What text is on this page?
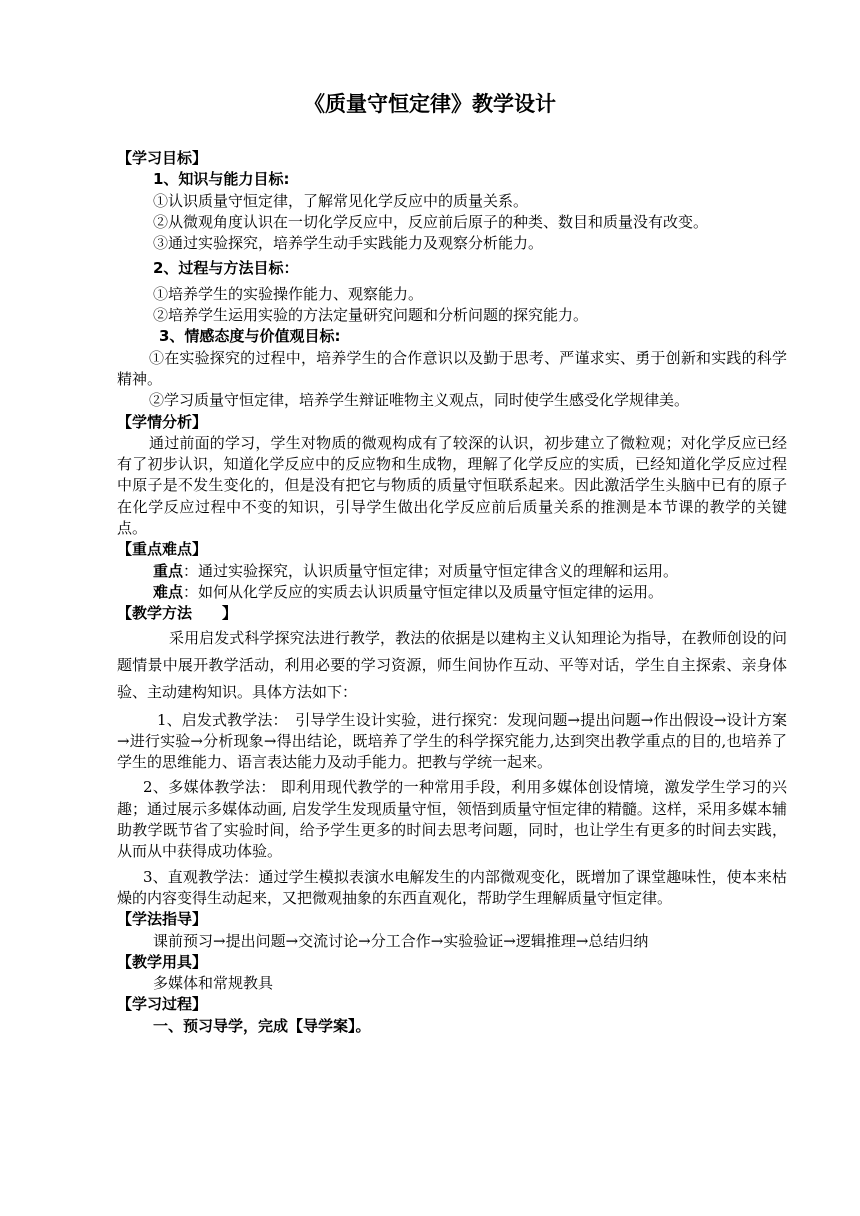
《质量守恒定律》教学设计
【学习目标】
1、知识与能力目标:
①认识质量守恒定律，了解常见化学反应中的质量关系。
②从微观角度认识在一切化学反应中，反应前后原子的种类、数目和质量没有改变。
③通过实验探究，培养学生动手实践能力及观察分析能力。
2、过程与方法目标：
①培养学生的实验操作能力、观察能力。
②培养学生运用实验的方法定量研究问题和分析问题的探究能力。
3、情感态度与价值观目标:
①在实验探究的过程中，培养学生的合作意识以及勤于思考、严谨求实、勇于创新和实践的科学精神。
②学习质量守恒定律，培养学生辩证唯物主义观点，同时使学生感受化学规律美。
【学情分析】
通过前面的学习，学生对物质的微观构成有了较深的认识，初步建立了微粒观；对化学反应已经有了初步认识，知道化学反应中的反应物和生成物，理解了化学反应的实质，已经知道化学反应过程中原子是不发生变化的，但是没有把它与物质的质量守恒联系起来。因此激活学生头脑中已有的原子在化学反应过程中不变的知识，引导学生做出化学反应前后质量关系的推测是本节课的教学的关键点。
【重点难点】
重点：通过实验探究，认识质量守恒定律；对质量守恒定律含义的理解和运用。
难点：如何从化学反应的实质去认识质量守恒定律以及质量守恒定律的运用。
【教学方法　　】
采用启发式科学探究法进行教学，教法的依据是以建构主义认知理论为指导，在教师创设的问题情景中展开教学活动，利用必要的学习资源，师生间协作互动、平等对话，学生自主探索、亲身体验、主动建构知识。具体方法如下：
1、启发式教学法：　引导学生设计实验，进行探究：发现问题→提出问题→作出假设→设计方案→进行实验→分析现象→得出结论，既培养了学生的科学探究能力,达到突出教学重点的目的,也培养了学生的思维能力、语言表达能力及动手能力。把教与学统一起来。
2、多媒体教学法： 即利用现代教学的一种常用手段，利用多媒体创设情境，激发学生学习的兴趣；通过展示多媒体动画, 启发学生发现质量守恒，领悟到质量守恒定律的精髓。这样，采用多媒本辅助教学既节省了实验时间，给予学生更多的时间去思考问题，同时，也让学生有更多的时间去实践，从而从中获得成功体验。
3、直观教学法：通过学生模拟表演水电解发生的内部微观变化，既增加了课堂趣味性，使本来枯燥的内容变得生动起来，又把微观抽象的东西直观化，帮助学生理解质量守恒定律。
【学法指导】
课前预习→提出问题→交流讨论→分工合作→实验验证→逻辑推理→总结归纳
【教学用具】
多媒体和常规教具
【学习过程】
一、预习导学，完成【导学案】。
